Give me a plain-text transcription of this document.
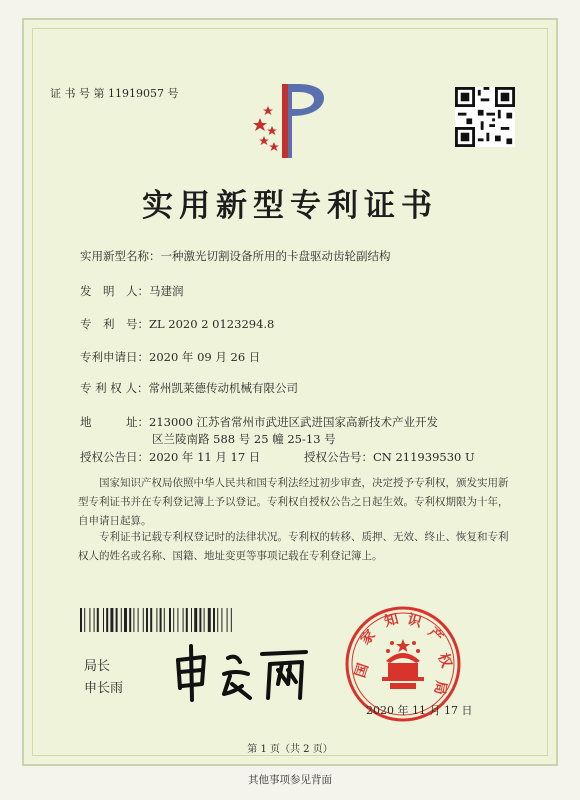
证 书 号 第 11919057 号
实用新型专利证书
实用新型名称：一种激光切割设备所用的卡盘驱动齿轮副结构
发　明　人：马建润
专　利　号：ZL 2020 2 0123294.8
专利申请日：2020 年 09 月 26 日
专 利 权 人：常州凯莱德传动机械有限公司
地　　　址：213000 江苏省常州市武进区武进国家高新技术产业开发
区兰陵南路 588 号 25 幢 25-13 号
授权公告日：2020 年 11 月 17 日	授权公告号：CN 211939530 U
国家知识产权局依照中华人民共和国专利法经过初步审查，决定授予专利权，颁发实用新型专利证书并在专利登记簿上予以登记。专利权自授权公告之日起生效。专利权期限为十年，自申请日起算。
专利证书记载专利权登记时的法律状况。专利权的转移、质押、无效、终止、恢复和专利权人的姓名或名称、国籍、地址变更等事项记载在专利登记簿上。
局长
申长雨
国
家
知 识
产
权
局
2020 年 11 月 17 日
第 1 页（共 2 页）
其他事项参见背面
